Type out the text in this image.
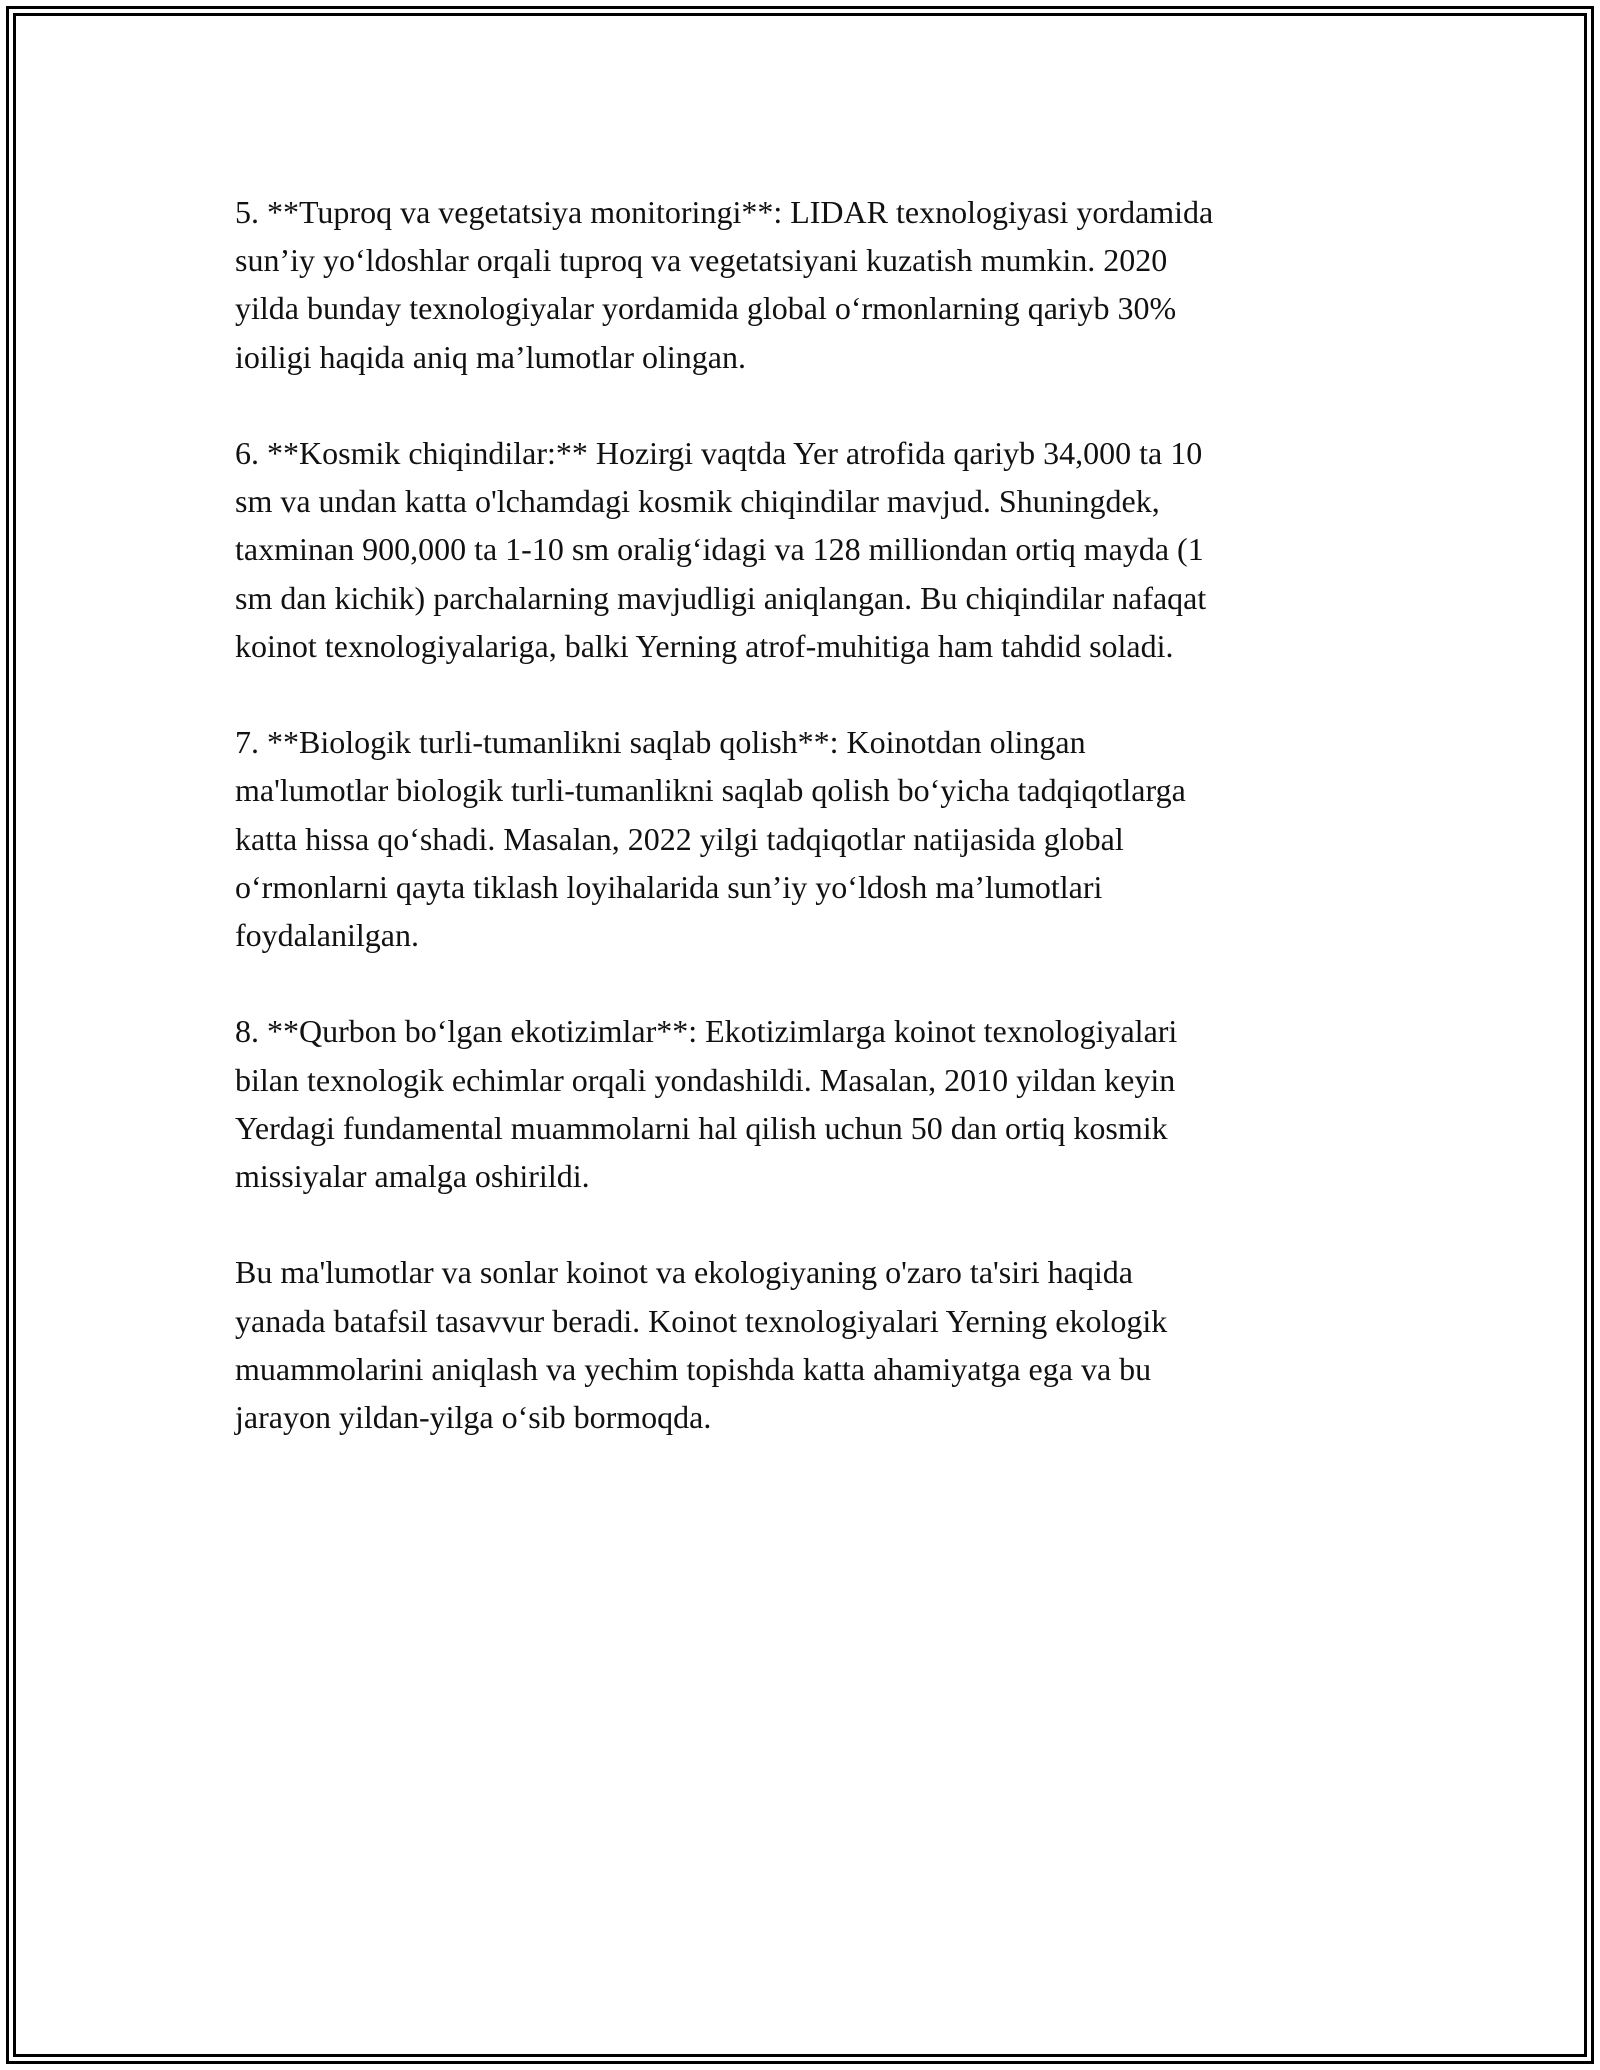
5. **Tuproq va vegetatsiya monitoringi**: LIDAR texnologiyasi yordamida
sun’iy yo‘ldoshlar orqali tuproq va vegetatsiyani kuzatish mumkin. 2020
yilda bunday texnologiyalar yordamida global o‘rmonlarning qariyb 30%
ioiligi haqida aniq ma’lumotlar olingan.

6. **Kosmik chiqindilar:** Hozirgi vaqtda Yer atrofida qariyb 34,000 ta 10
sm va undan katta o'lchamdagi kosmik chiqindilar mavjud. Shuningdek,
taxminan 900,000 ta 1-10 sm oralig‘idagi va 128 milliondan ortiq mayda (1
sm dan kichik) parchalarning mavjudligi aniqlangan. Bu chiqindilar nafaqat
koinot texnologiyalariga, balki Yerning atrof-muhitiga ham tahdid soladi.

7. **Biologik turli-tumanlikni saqlab qolish**: Koinotdan olingan
ma'lumotlar biologik turli-tumanlikni saqlab qolish bo‘yicha tadqiqotlarga
katta hissa qo‘shadi. Masalan, 2022 yilgi tadqiqotlar natijasida global
o‘rmonlarni qayta tiklash loyihalarida sun’iy yo‘ldosh ma’lumotlari
foydalanilgan.

8. **Qurbon bo‘lgan ekotizimlar**: Ekotizimlarga koinot texnologiyalari
bilan texnologik echimlar orqali yondashildi. Masalan, 2010 yildan keyin
Yerdagi fundamental muammolarni hal qilish uchun 50 dan ortiq kosmik
missiyalar amalga oshirildi.

Bu ma'lumotlar va sonlar koinot va ekologiyaning o'zaro ta'siri haqida
yanada batafsil tasavvur beradi. Koinot texnologiyalari Yerning ekologik
muammolarini aniqlash va yechim topishda katta ahamiyatga ega va bu
jarayon yildan-yilga o‘sib bormoqda.
